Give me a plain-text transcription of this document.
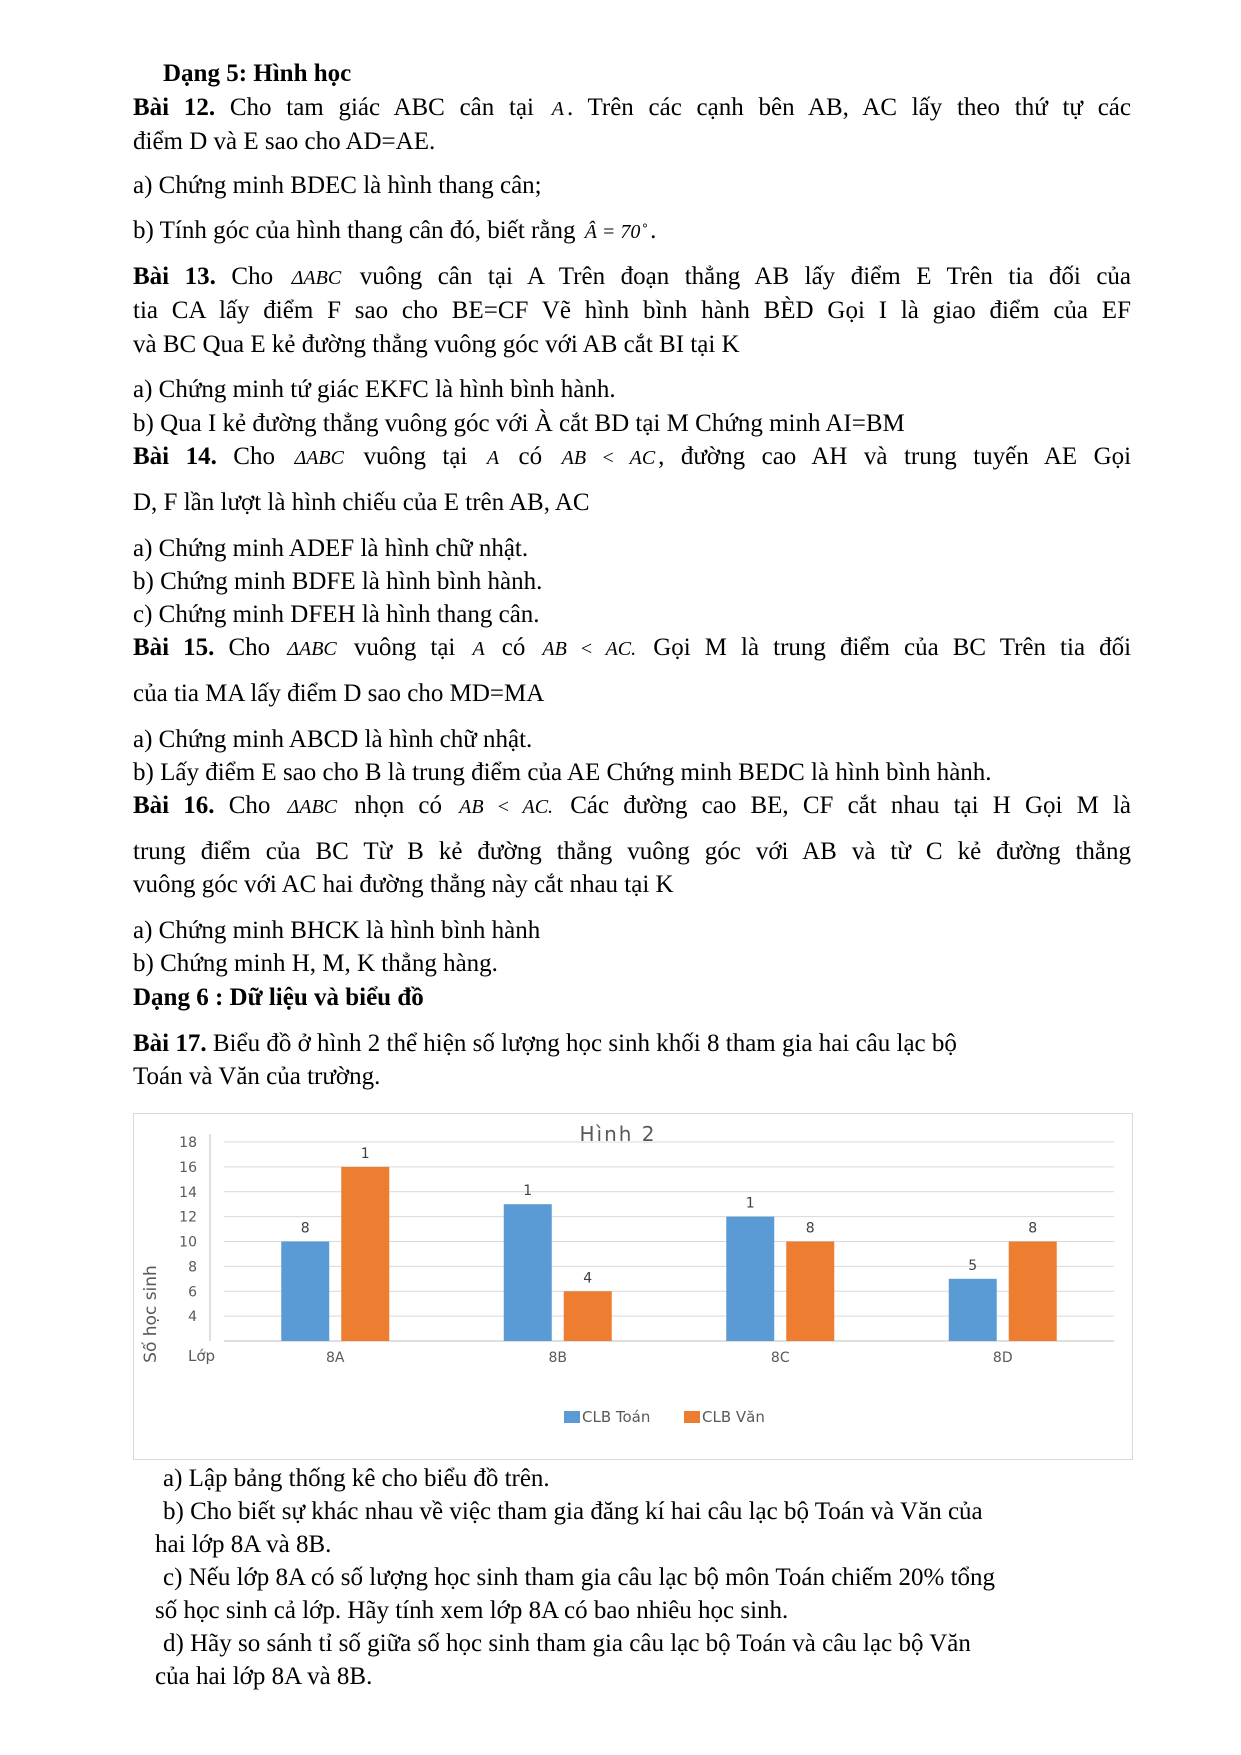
Dạng 5: Hình học
Bài 12. Cho tam giác ABC cân tại A . Trên các cạnh bên AB, AC lấy theo thứ tự các
điểm D và E sao cho AD=AE.
a) Chứng minh BDEC là hình thang cân;
b) Tính góc của hình thang cân đó, biết rằng Â = 70˚ .
Bài 13. Cho ΔABC vuông cân tại A Trên đoạn thẳng AB lấy điểm E Trên tia đối của
tia CA lấy điểm F sao cho BE=CF Vẽ hình bình hành BÈD Gọi I là giao điểm của EF
và BC Qua E kẻ đường thẳng vuông góc với AB cắt BI tại K
a) Chứng minh tứ giác EKFC là hình bình hành.
b) Qua I kẻ đường thẳng vuông góc với À cắt BD tại M Chứng minh AI=BM
Bài 14. Cho ΔABC vuông tại A có AB < AC , đường cao AH và trung tuyến AE Gọi
D, F lần lượt là hình chiếu của E trên AB, AC
a) Chứng minh ADEF là hình chữ nhật.
b) Chứng minh BDFE là hình bình hành.
c) Chứng minh DFEH là hình thang cân.
Bài 15. Cho ΔABC vuông tại A có AB < AC. Gọi M là trung điểm của BC Trên tia đối
của tia MA lấy điểm D sao cho MD=MA
a) Chứng minh ABCD là hình chữ nhật.
b) Lấy điểm E sao cho B là trung điểm của AE Chứng minh BEDC là hình bình hành.
Bài 16. Cho ΔABC nhọn có AB < AC. Các đường cao BE, CF cắt nhau tại H Gọi M là
trung điểm của BC Từ B kẻ đường thẳng vuông góc với AB và từ C kẻ đường thẳng
vuông góc với AC hai đường thẳng này cắt nhau tại K
a) Chứng minh BHCK là hình bình hành
b) Chứng minh H, M, K thẳng hàng.
Dạng 6 : Dữ liệu và biểu đồ
Bài 17. Biểu đồ ở hình 2 thể hiện số lượng học sinh khối 8 tham gia hai câu lạc bộ
Toán và Văn của trường.
Hình 2
Số học sinh Lớp
CLB Toán	CLB Văn
4
6
8
10
12
14
16
18
8A
8
1
8B
1
4
8C
1
8
8D
5
8
a) Lập bảng thống kê cho biểu đồ trên.
b) Cho biết sự khác nhau về việc tham gia đăng kí hai câu lạc bộ Toán và Văn của
hai lớp 8A và 8B.
c) Nếu lớp 8A có số lượng học sinh tham gia câu lạc bộ môn Toán chiếm 20% tổng
số học sinh cả lớp. Hãy tính xem lớp 8A có bao nhiêu học sinh.
d) Hãy so sánh tỉ số giữa số học sinh tham gia câu lạc bộ Toán và câu lạc bộ Văn
của hai lớp 8A và 8B.
